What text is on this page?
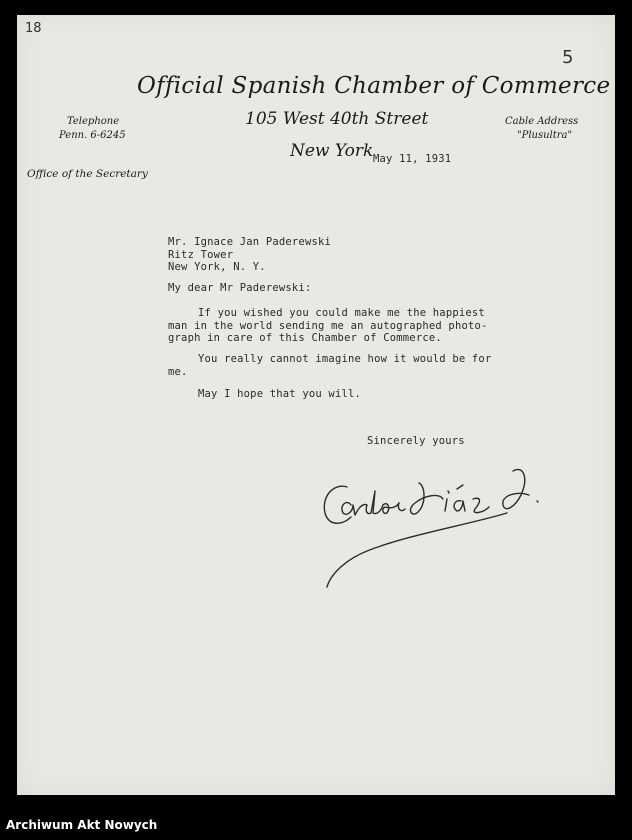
18
5
Official Spanish Chamber of Commerce
105 West 40th Street
New York
Telephone
Penn. 6-6245
Office of the Secretary
Cable Address
"Plusultra"
May 11, 1931
Mr. Ignace Jan Paderewski
Ritz Tower
New York, N. Y.
My dear Mr Paderewski:
If you wished you could make me the happiest
man in the world sending me an autographed photo-
graph in care of this Chamber of Commerce.
You really cannot imagine how it would be for
me.
May I hope that you will.
Sincerely yours
Archiwum Akt Nowych
